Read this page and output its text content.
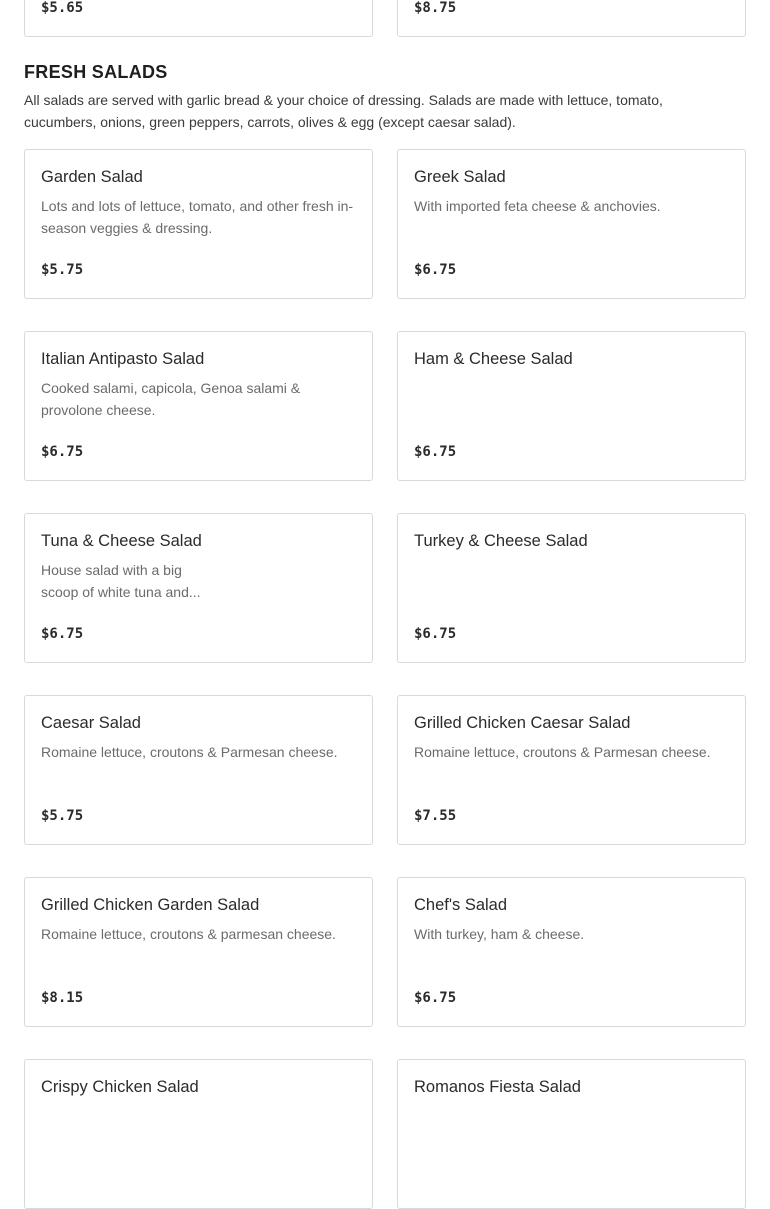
$5.65	$8.75
FRESH SALADS

All salads are served with garlic bread & your choice of dressing. Salads are made with lettuce, tomato, cucumbers, onions, green peppers, carrots, olives & egg (except caesar salad).

Garden Salad
Lots and lots of lettuce, tomato, and other fresh in-season veggies & dressing.
$5.75
Greek Salad
With imported feta cheese & anchovies.
$6.75
Italian Antipasto Salad
Cooked salami, capicola, Genoa salami & provolone cheese.
$6.75
Ham & Cheese Salad
$6.75
Tuna & Cheese Salad
House salad with a big scoop of white tuna and...
$6.75
Turkey & Cheese Salad
$6.75
Caesar Salad
Romaine lettuce, croutons & Parmesan cheese.
$5.75
Grilled Chicken Caesar Salad
Romaine lettuce, croutons & Parmesan cheese.
$7.55
Grilled Chicken Garden Salad
Romaine lettuce, croutons & parmesan cheese.
$8.15
Chef's Salad
With turkey, ham & cheese.
$6.75
Crispy Chicken Salad	Romanos Fiesta Salad
